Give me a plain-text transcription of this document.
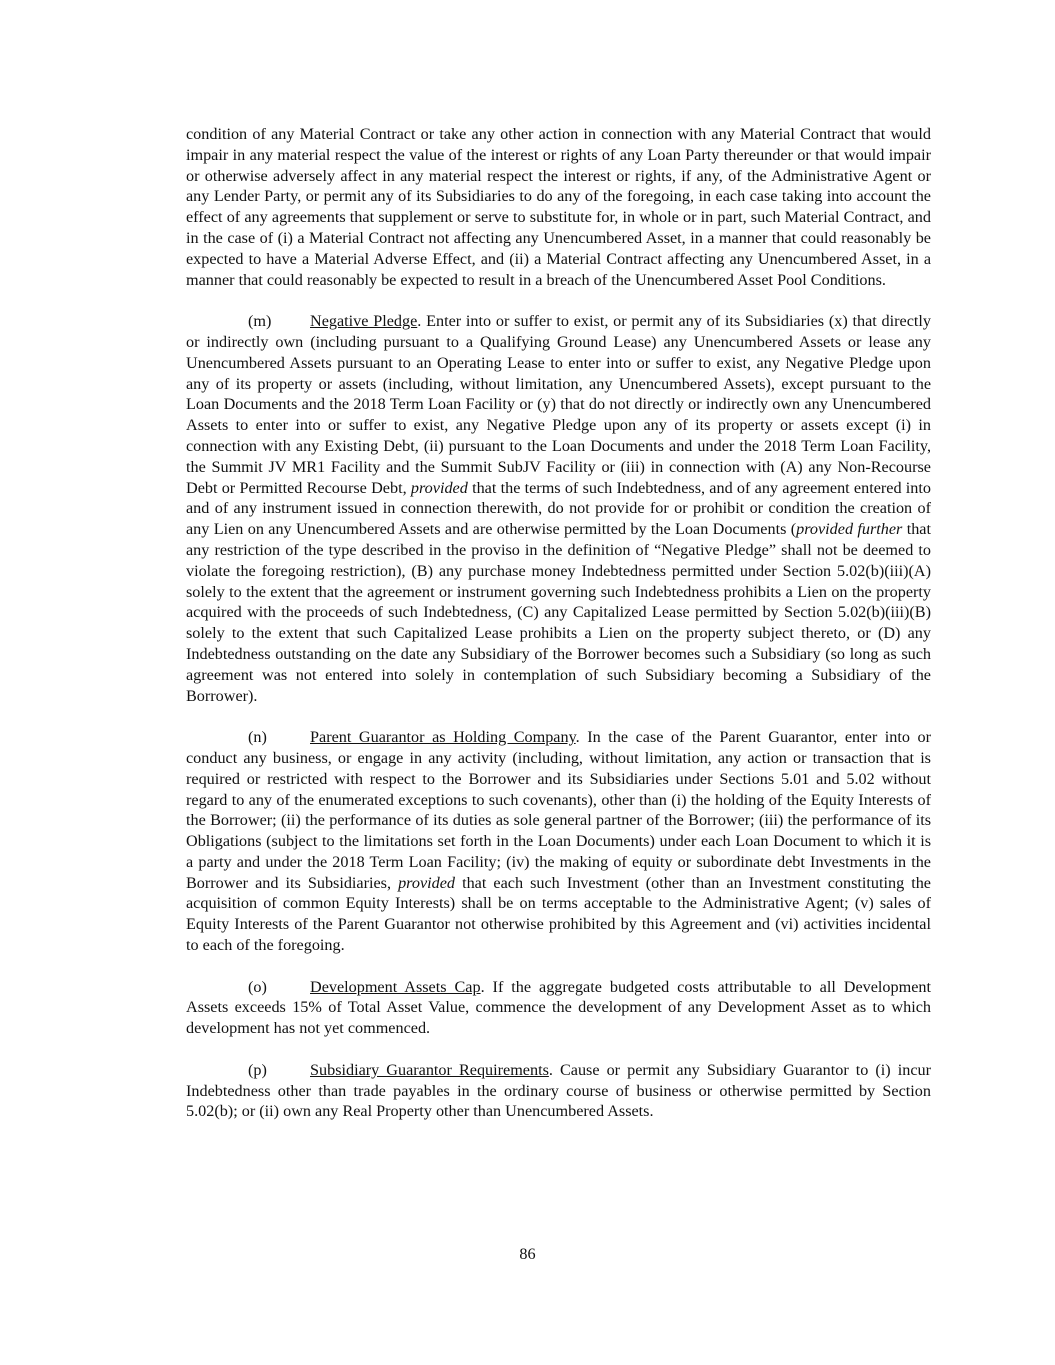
condition of any Material Contract or take any other action in connection with any Material Contract that would impair in any material respect the value of the interest or rights of any Loan Party thereunder or that would impair or otherwise adversely affect in any material respect the interest or rights, if any, of the Administrative Agent or any Lender Party, or permit any of its Subsidiaries to do any of the foregoing, in each case taking into account the effect of any agreements that supplement or serve to substitute for, in whole or in part, such Material Contract, and in the case of (i) a Material Contract not affecting any Unencumbered Asset, in a manner that could reasonably be expected to have a Material Adverse Effect, and (ii) a Material Contract affecting any Unencumbered Asset, in a manner that could reasonably be expected to result in a breach of the Unencumbered Asset Pool Conditions.

(m) Negative Pledge. Enter into or suffer to exist, or permit any of its Subsidiaries (x) that directly or indirectly own (including pursuant to a Qualifying Ground Lease) any Unencumbered Assets or lease any Unencumbered Assets pursuant to an Operating Lease to enter into or suffer to exist, any Negative Pledge upon any of its property or assets (including, without limitation, any Unencumbered Assets), except pursuant to the Loan Documents and the 2018 Term Loan Facility or (y) that do not directly or indirectly own any Unencumbered Assets to enter into or suffer to exist, any Negative Pledge upon any of its property or assets except (i) in connection with any Existing Debt, (ii) pursuant to the Loan Documents and under the 2018 Term Loan Facility, the Summit JV MR1 Facility and the Summit SubJV Facility or (iii) in connection with (A) any Non-Recourse Debt or Permitted Recourse Debt, provided that the terms of such Indebtedness, and of any agreement entered into and of any instrument issued in connection therewith, do not provide for or prohibit or condition the creation of any Lien on any Unencumbered Assets and are otherwise permitted by the Loan Documents (provided further that any restriction of the type described in the proviso in the definition of “Negative Pledge” shall not be deemed to violate the foregoing restriction), (B) any purchase money Indebtedness permitted under Section 5.02(b)(iii)(A) solely to the extent that the agreement or instrument governing such Indebtedness prohibits a Lien on the property acquired with the proceeds of such Indebtedness, (C) any Capitalized Lease permitted by Section 5.02(b)(iii)(B) solely to the extent that such Capitalized Lease prohibits a Lien on the property subject thereto, or (D) any Indebtedness outstanding on the date any Subsidiary of the Borrower becomes such a Subsidiary (so long as such agreement was not entered into solely in contemplation of such Subsidiary becoming a Subsidiary of the Borrower).

(n)	Parent Guarantor as Holding Company. In the case of the Parent Guarantor, enter into or conduct any business, or engage in any activity (including, without limitation, any action or transaction that is required or restricted with respect to the Borrower and its Subsidiaries under Sections 5.01 and 5.02 without regard to any of the enumerated exceptions to such covenants), other than (i) the holding of the Equity Interests of the Borrower; (ii) the performance of its duties as sole general partner of the Borrower; (iii) the performance of its Obligations (subject to the limitations set forth in the Loan Documents) under each Loan Document to which it is a party and under the 2018 Term Loan Facility; (iv) the making of equity or subordinate debt Investments in the Borrower and its Subsidiaries, provided that each such Investment (other than an Investment constituting the acquisition of common Equity Interests) shall be on terms acceptable to the Administrative Agent; (v) sales of Equity Interests of the Parent Guarantor not otherwise prohibited by this Agreement and (vi) activities incidental to each of the foregoing.

(o)	Development Assets Cap. If the aggregate budgeted costs attributable to all Development Assets exceeds 15% of Total Asset Value, commence the development of any Development Asset as to which development has not yet commenced.

(p)	Subsidiary Guarantor Requirements. Cause or permit any Subsidiary Guarantor to (i) incur Indebtedness other than trade payables in the ordinary course of business or otherwise permitted by Section 5.02(b); or (ii) own any Real Property other than Unencumbered Assets.

86
